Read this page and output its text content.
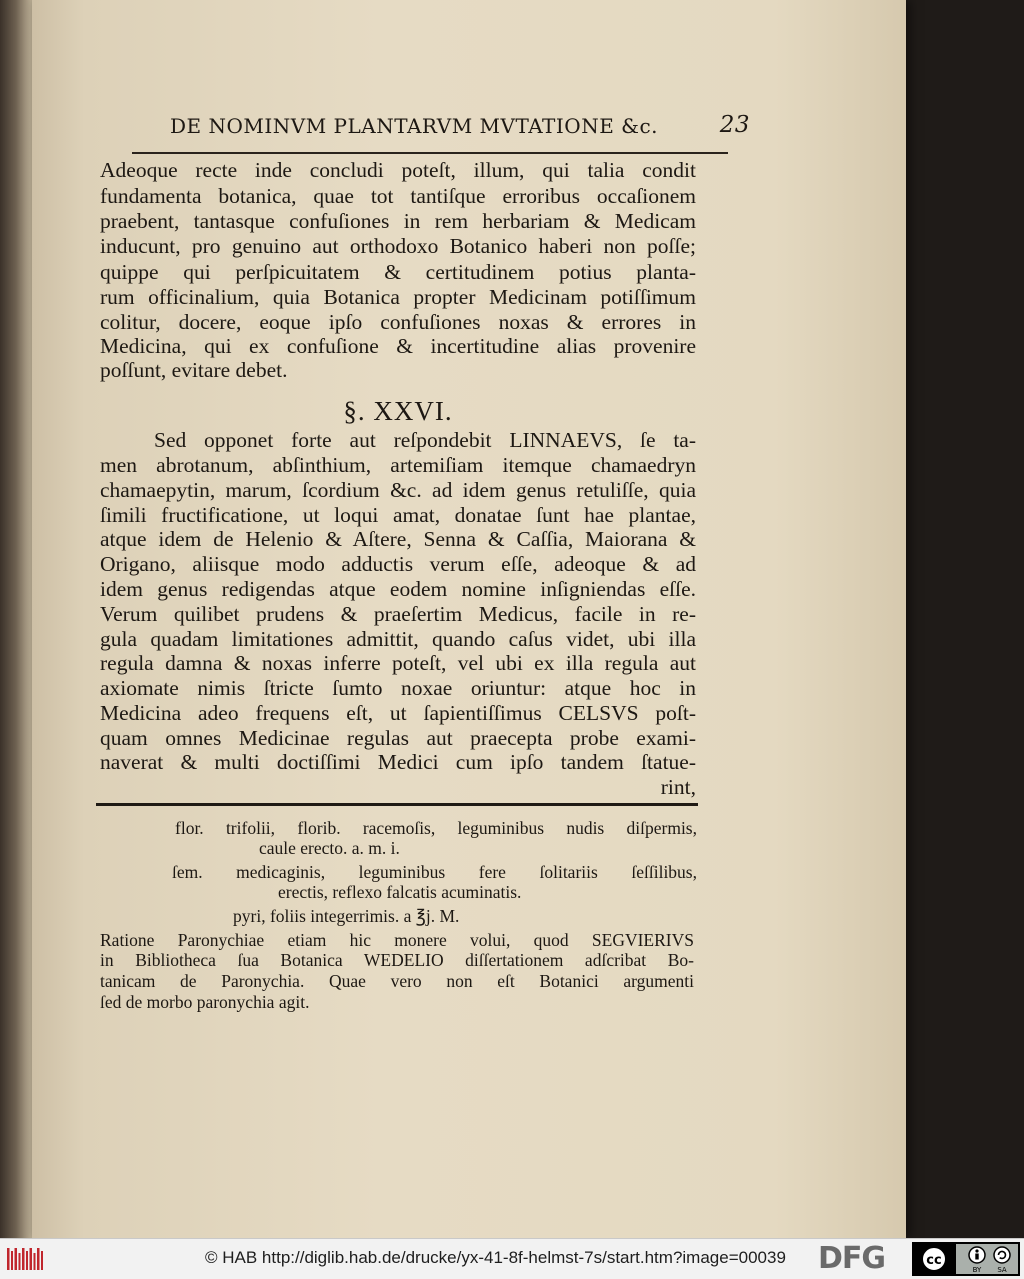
DE NOMINVM PLANTARVM MVTATIONE &c.	23
Adeoque recte inde concludi poteſt, illum, qui talia condit
fundamenta botanica, quae tot tantiſque erroribus occaſionem
praebent, tantasque confuſiones in rem herbariam & Medicam
inducunt, pro genuino aut orthodoxo Botanico haberi non poſſe;
quippe qui perſpicuitatem & certitudinem potius planta-
rum officinalium, quia Botanica propter Medicinam potiſſimum
colitur, docere, eoque ipſo confuſiones noxas & errores in
Medicina, qui ex confuſione & incertitudine alias provenire
poſſunt, evitare debet.
§. XXVI.
Sed opponet forte aut reſpondebit LINNAEVS, ſe ta-
men abrotanum, abſinthium, artemiſiam itemque chamaedryn
chamaepytin, marum, ſcordium &c. ad idem genus retuliſſe, quia
ſimili fructificatione, ut loqui amat, donatae ſunt hae plantae,
atque idem de Helenio & Aſtere, Senna & Caſſia, Maiorana &
Origano, aliisque modo adductis verum eſſe, adeoque & ad
idem genus redigendas atque eodem nomine inſigniendas eſſe.
Verum quilibet prudens & praeſertim Medicus, facile in re-
gula quadam limitationes admittit, quando caſus videt, ubi illa
regula damna & noxas inferre poteſt, vel ubi ex illa regula aut
axiomate nimis ſtricte ſumto noxae oriuntur: atque hoc in
Medicina adeo frequens eſt, ut ſapientiſſimus CELSVS poſt-
quam omnes Medicinae regulas aut praecepta probe exami-
naverat & multi doctiſſimi Medici cum ipſo tandem ſtatue-
rint,
flor. trifolii, florib. racemoſis, leguminibus nudis diſpermis,
caule erecto. a. m. i.
ſem. medicaginis, leguminibus fere ſolitariis ſeſſilibus,
erectis, reflexo falcatis acuminatis.
pyri, foliis integerrimis. a ℥j. M.
Ratione Paronychiae etiam hic monere volui, quod SEGVIERIVS
in Bibliotheca ſua Botanica WEDELIO diſſertationem adſcribat Bo-
tanicam de Paronychia. Quae vero non eſt Botanici argumenti
ſed de morbo paronychia agit.
© HAB http://diglib.hab.de/drucke/yx-41-8f-helmst-7s/start.htm?image=00039 DFG	cc
BY SA
